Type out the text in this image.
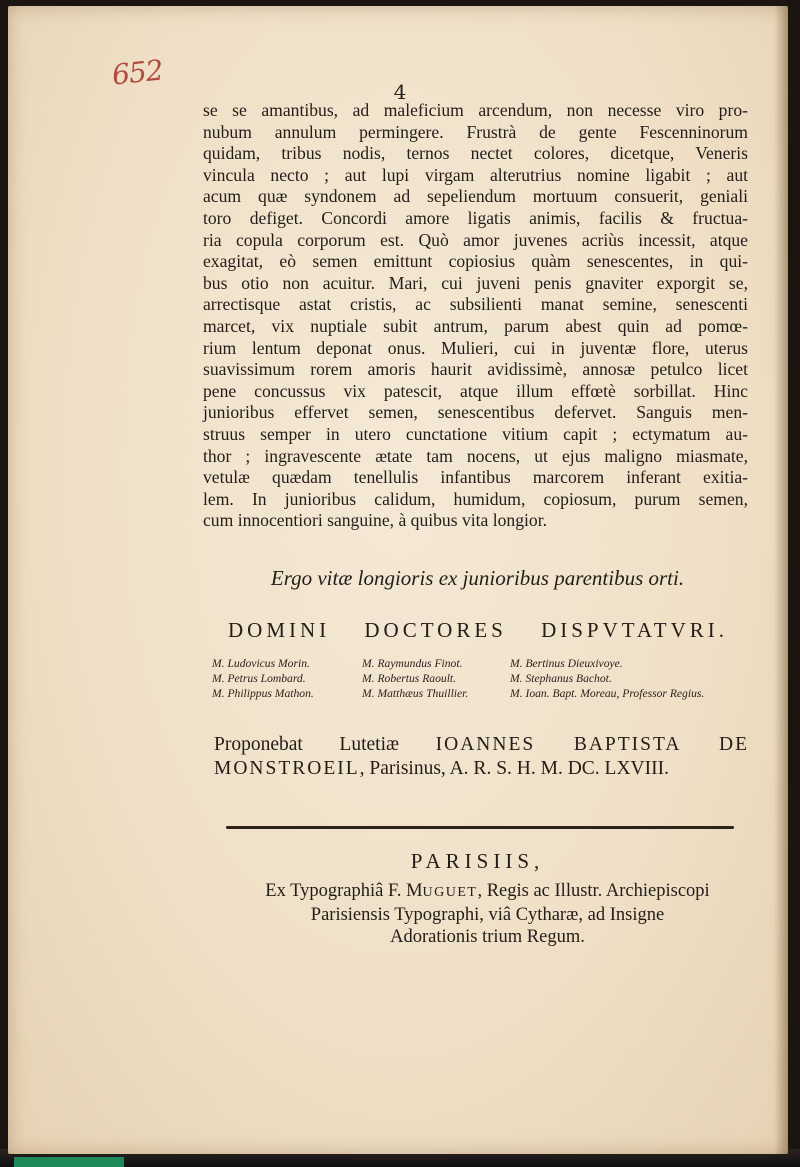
652
4
se se amantibus, ad maleficium arcendum, non necesse viro pro-
nubum annulum permingere. Frustrà de gente Fescenninorum
quidam, tribus nodis, ternos nectet colores, dicetque, Veneris
vincula necto ; aut lupi virgam alterutrius nomine ligabit ; aut
acum quæ syndonem ad sepeliendum mortuum consuerit, geniali
toro defiget. Concordi amore ligatis animis, facilis & fructua-
ria copula corporum est. Quò amor juvenes acriùs incessit, atque
exagitat, eò semen emittunt copiosius quàm senescentes, in qui-
bus otio non acuitur. Mari, cui juveni penis gnaviter exporgit se,
arrectisque astat cristis, ac subsilienti manat semine, senescenti
marcet, vix nuptiale subit antrum, parum abest quin ad pomœ-
rium lentum deponat onus. Mulieri, cui in juventæ flore, uterus
suavissimum rorem amoris haurit avidissimè, annosæ petulco licet
pene concussus vix patescit, atque illum effœtè sorbillat. Hinc
junioribus effervet semen, senescentibus defervet. Sanguis men-
struus semper in utero cunctatione vitium capit ; ectymatum au-
thor ; ingravescente ætate tam nocens, ut ejus maligno miasmate,
vetulæ quædam tenellulis infantibus marcorem inferant exitia-
lem. In junioribus calidum, humidum, copiosum, purum semen,
cum innocentiori sanguine, à quibus vita longior.
Ergo vitæ longioris ex junioribus parentibus orti.
DOMINI DOCTORES DISPVTATVRI.
M. Ludovicus Morin.	M. Raymundus Finot.	M. Bertinus Dieuxivoye.
M. Petrus Lombard.	M. Robertus Raoult.	M. Stephanus Bachot.
M. Philippus Mathon.	M. Matthæus Thuillier.	M. Ioan. Bapt. Moreau, Professor Regius.
Proponebat Lutetiæ IOANNES BAPTISTA DE
MONSTROEIL, Parisinus, A. R. S. H. M. DC. LXVIII.
PARISIIS,
Ex Typographiâ F. MUGUET, Regis ac Illustr. Archiepiscopi
Parisiensis Typographi, viâ Cytharæ, ad Insigne
Adorationis trium Regum.
